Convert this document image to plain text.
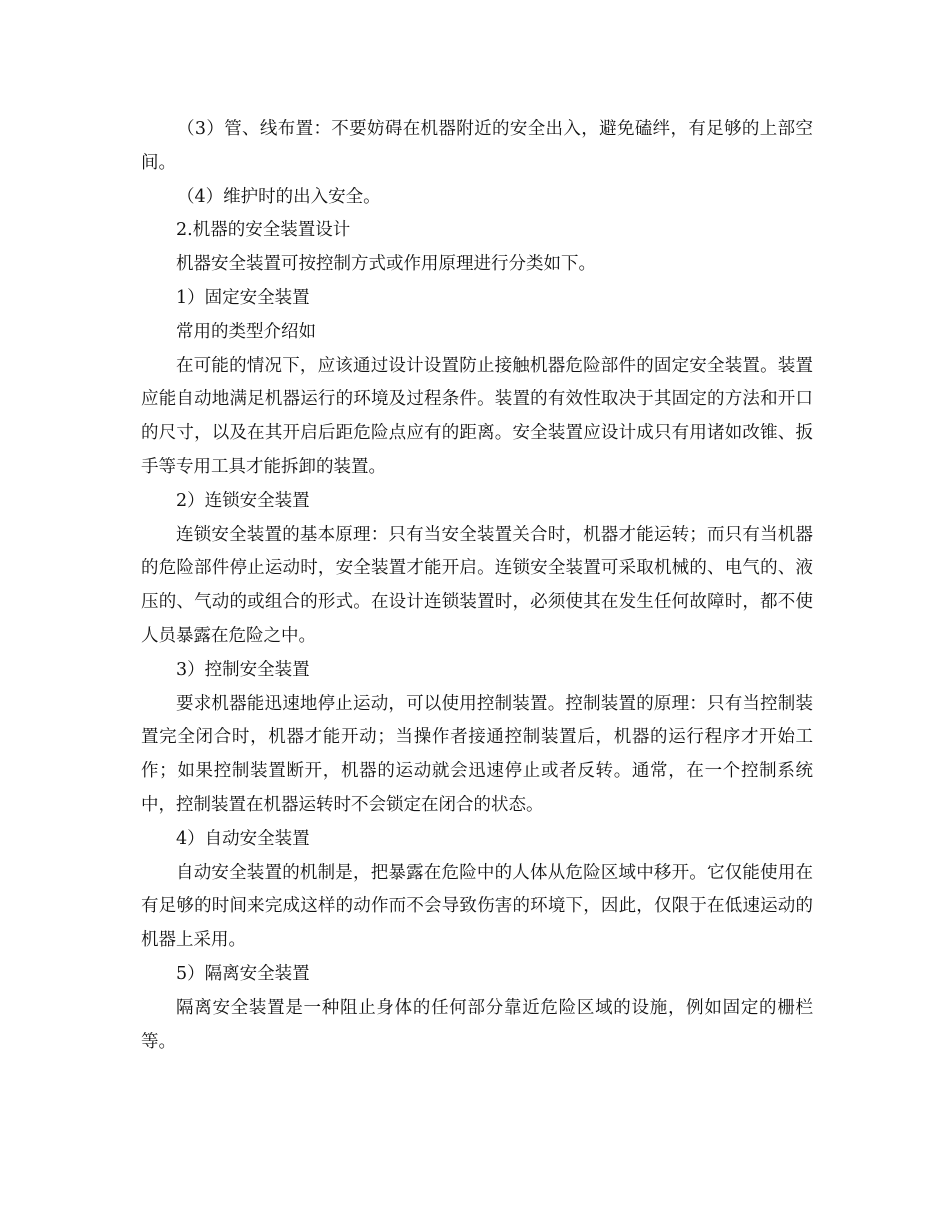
（3）管、线布置：不要妨碍在机器附近的安全出入，避免磕绊，有足够的上部空间。

（4）维护时的出入安全。

2.机器的安全装置设计

机器安全装置可按控制方式或作用原理进行分类如下。

1）固定安全装置

常用的类型介绍如

在可能的情况下，应该通过设计设置防止接触机器危险部件的固定安全装置。装置应能自动地满足机器运行的环境及过程条件。装置的有效性取决于其固定的方法和开口的尺寸，以及在其开启后距危险点应有的距离。安全装置应设计成只有用诸如改锥、扳手等专用工具才能拆卸的装置。

2）连锁安全装置

连锁安全装置的基本原理：只有当安全装置关合时，机器才能运转；而只有当机器的危险部件停止运动时，安全装置才能开启。连锁安全装置可采取机械的、电气的、液压的、气动的或组合的形式。在设计连锁装置时，必须使其在发生任何故障时，都不使人员暴露在危险之中。

3）控制安全装置

要求机器能迅速地停止运动，可以使用控制装置。控制装置的原理：只有当控制装置完全闭合时，机器才能开动；当操作者接通控制装置后，机器的运行程序才开始工作；如果控制装置断开，机器的运动就会迅速停止或者反转。通常，在一个控制系统中，控制装置在机器运转时不会锁定在闭合的状态。

4）自动安全装置

自动安全装置的机制是，把暴露在危险中的人体从危险区域中移开。它仅能使用在有足够的时间来完成这样的动作而不会导致伤害的环境下，因此，仅限于在低速运动的机器上采用。

5）隔离安全装置

隔离安全装置是一种阻止身体的任何部分靠近危险区域的设施，例如固定的栅栏等。
